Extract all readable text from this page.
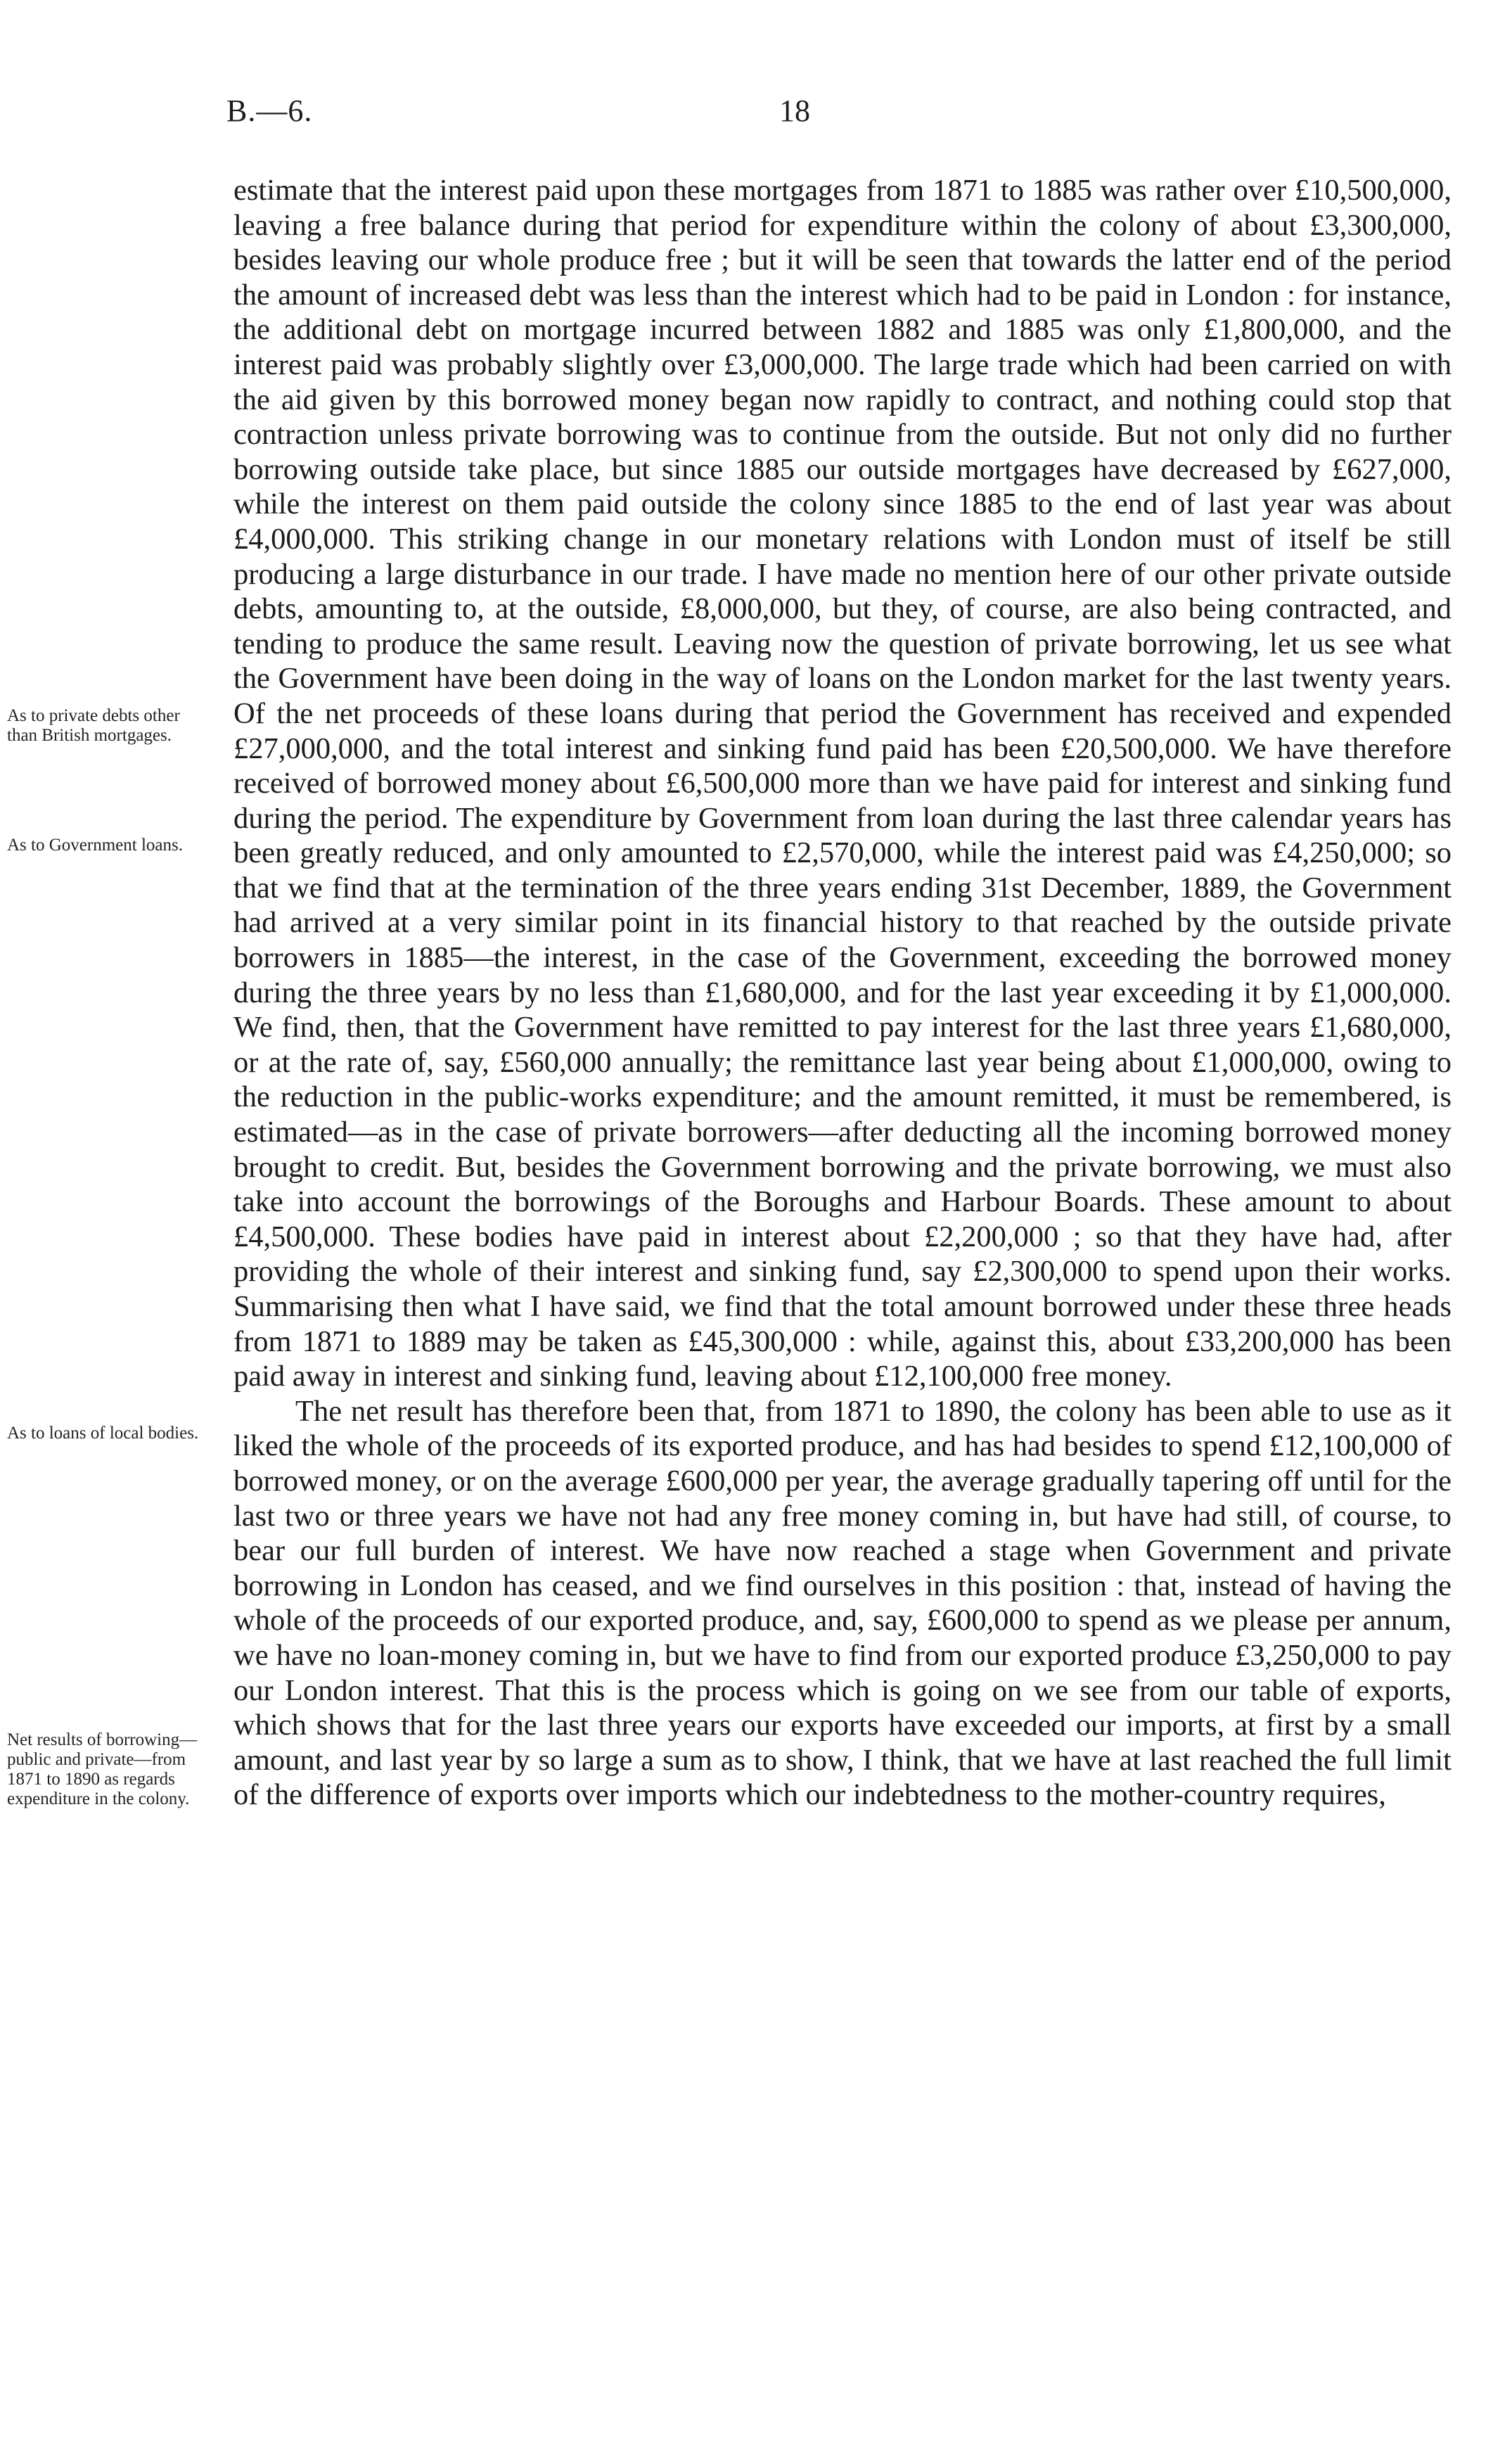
B.—6.	18
As to private debts other than British mortgages.
As to Government loans.
As to loans of local bodies.
Net results of borrowing—public and private—from 1871 to 1890 as regards expenditure in the colony.

estimate that the interest paid upon these mortgages from 1871 to 1885 was rather over £10,500,000, leaving a free balance during that period for expenditure within the colony of about £3,300,000, besides leaving our whole produce free ; but it will be seen that towards the latter end of the period the amount of increased debt was less than the interest which had to be paid in London : for instance, the additional debt on mortgage incurred between 1882 and 1885 was only £1,800,000, and the interest paid was probably slightly over £3,000,000. The large trade which had been carried on with the aid given by this borrowed money began now rapidly to contract, and nothing could stop that contraction unless private borrowing was to continue from the outside. But not only did no further borrowing outside take place, but since 1885 our outside mortgages have decreased by £627,000, while the interest on them paid outside the colony since 1885 to the end of last year was about £4,000,000. This striking change in our monetary relations with London must of itself be still producing a large disturbance in our trade. I have made no mention here of our other private outside debts, amounting to, at the outside, £8,000,000, but they, of course, are also being contracted, and tending to produce the same result. Leaving now the question of private borrowing, let us see what the Government have been doing in the way of loans on the London market for the last twenty years. Of the net proceeds of these loans during that period the Government has received and expended £27,000,000, and the total interest and sinking fund paid has been £20,500,000. We have therefore received of borrowed money about £6,500,000 more than we have paid for interest and sinking fund during the period. The expenditure by Government from loan during the last three calendar years has been greatly reduced, and only amounted to £2,570,000, while the interest paid was £4,250,000; so that we find that at the termination of the three years ending 31st December, 1889, the Government had arrived at a very similar point in its financial history to that reached by the outside private borrowers in 1885—the interest, in the case of the Government, exceeding the borrowed money during the three years by no less than £1,680,000, and for the last year exceeding it by £1,000,000. We find, then, that the Government have remitted to pay interest for the last three years £1,680,000, or at the rate of, say, £560,000 annually; the remittance last year being about £1,000,000, owing to the reduction in the public-works expenditure; and the amount remitted, it must be remembered, is estimated—as in the case of private borrowers—after deducting all the incoming borrowed money brought to credit. But, besides the Government borrowing and the private borrowing, we must also take into account the borrowings of the Boroughs and Harbour Boards. These amount to about £4,500,000. These bodies have paid in interest about £2,200,000 ; so that they have had, after providing the whole of their interest and sinking fund, say £2,300,000 to spend upon their works. Summarising then what I have said, we find that the total amount borrowed under these three heads from 1871 to 1889 may be taken as £45,300,000 : while, against this, about £33,200,000 has been paid away in interest and sinking fund, leaving about £12,100,000 free money.

The net result has therefore been that, from 1871 to 1890, the colony has been able to use as it liked the whole of the proceeds of its exported produce, and has had besides to spend £12,100,000 of borrowed money, or on the average £600,000 per year, the average gradually tapering off until for the last two or three years we have not had any free money coming in, but have had still, of course, to bear our full burden of interest. We have now reached a stage when Government and private borrowing in London has ceased, and we find ourselves in this position : that, instead of having the whole of the proceeds of our exported produce, and, say, £600,000 to spend as we please per annum, we have no loan-money coming in, but we have to find from our exported produce £3,250,000 to pay our London interest. That this is the process which is going on we see from our table of exports, which shows that for the last three years our exports have exceeded our imports, at first by a small amount, and last year by so large a sum as to show, I think, that we have at last reached the full limit of the difference of exports over imports which our indebtedness to the mother-country requires,
